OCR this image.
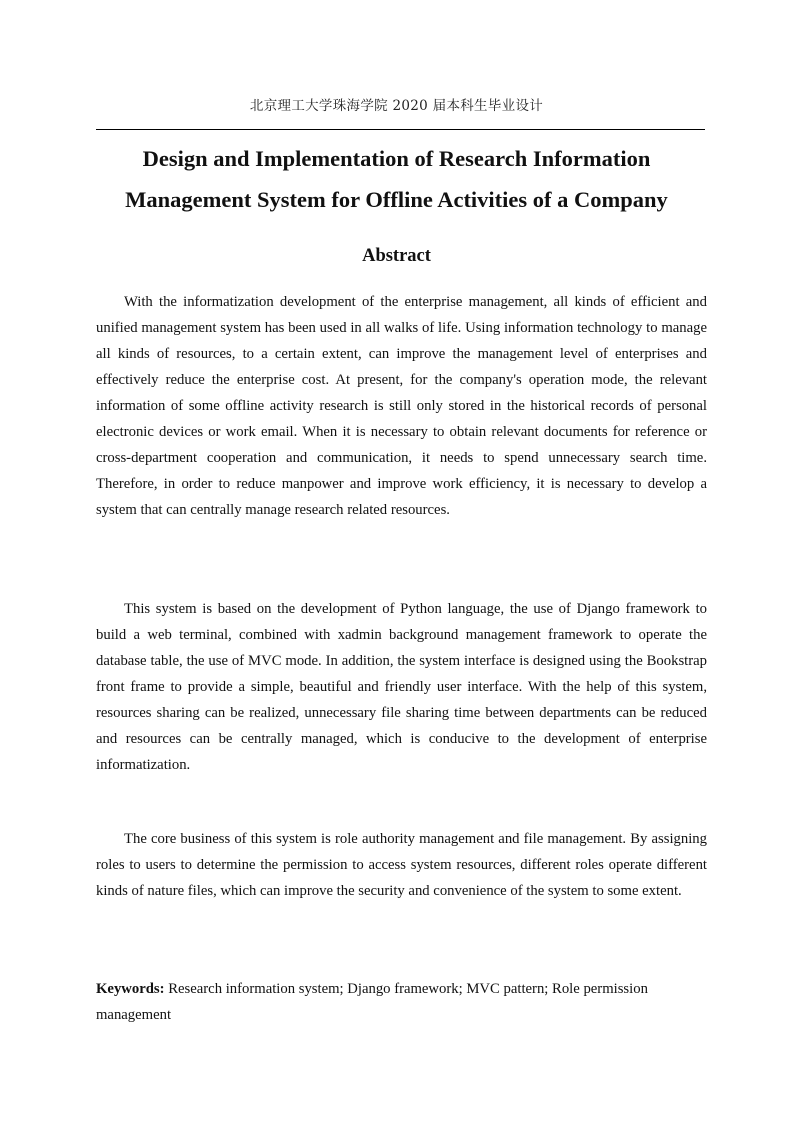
北京理工大学珠海学院 2020 届本科生毕业设计
Design and Implementation of Research Information
Management System for Offline Activities of a Company
Abstract

With the informatization development of the enterprise management, all kinds of efficient and unified management system has been used in all walks of life. Using information technology to manage all kinds of resources, to a certain extent, can improve the management level of enterprises and effectively reduce the enterprise cost. At present, for the company's operation mode, the relevant information of some offline activity research is still only stored in the historical records of personal electronic devices or work email. When it is necessary to obtain relevant documents for reference or cross-department cooperation and communication, it needs to spend unnecessary search time. Therefore, in order to reduce manpower and improve work efficiency, it is necessary to develop a system that can centrally manage research related resources.

This system is based on the development of Python language, the use of Django framework to build a web terminal, combined with xadmin background management framework to operate the database table, the use of MVC mode. In addition, the system interface is designed using the Bookstrap front frame to provide a simple, beautiful and friendly user interface. With the help of this system, resources sharing can be realized, unnecessary file sharing time between departments can be reduced and resources can be centrally managed, which is conducive to the development of enterprise informatization.

The core business of this system is role authority management and file management. By assigning roles to users to determine the permission to access system resources, different roles operate different kinds of nature files, which can improve the security and convenience of the system to some extent.

Keywords: Research information system; Django framework; MVC pattern; Role permission management
